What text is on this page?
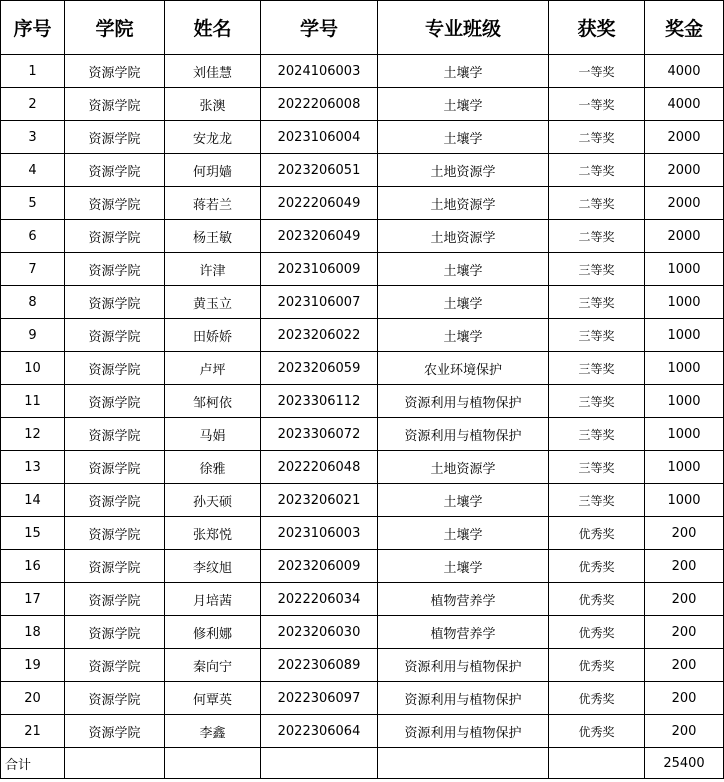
序号	学院	姓名	学号	专业班级	获奖	奖金
1	资源学院	刘佳慧	2024106003	土壤学	一等奖	4000
2	资源学院	张澳	2022206008	土壤学	一等奖	4000
3	资源学院	安龙龙	2023106004	土壤学	二等奖	2000
4	资源学院	何玥嫱	2023206051	土地资源学	二等奖	2000
5	资源学院	蒋若兰	2022206049	土地资源学	二等奖	2000
6	资源学院	杨王敏	2023206049	土地资源学	二等奖	2000
7	资源学院	许津	2023106009	土壤学	三等奖	1000
8	资源学院	黄玉立	2023106007	土壤学	三等奖	1000
9	资源学院	田娇娇	2023206022	土壤学	三等奖	1000
10	资源学院	卢坪	2023206059	农业环境保护	三等奖	1000
11	资源学院	邹柯依	2023306112	资源利用与植物保护	三等奖	1000
12	资源学院	马娟	2023306072	资源利用与植物保护	三等奖	1000
13	资源学院	徐雅	2022206048	土地资源学	三等奖	1000
14	资源学院	孙天硕	2023206021	土壤学	三等奖	1000
15	资源学院	张郑悦	2023106003	土壤学	优秀奖	200
16	资源学院	李纹旭	2023206009	土壤学	优秀奖	200
17	资源学院	月培茜	2022206034	植物营养学	优秀奖	200
18	资源学院	修利娜	2023206030	植物营养学	优秀奖	200
19	资源学院	秦向宁	2022306089	资源利用与植物保护	优秀奖	200
20	资源学院	何覃英	2022306097	资源利用与植物保护	优秀奖	200
21	资源学院	李鑫	2022306064	资源利用与植物保护	优秀奖	200
合计						25400
